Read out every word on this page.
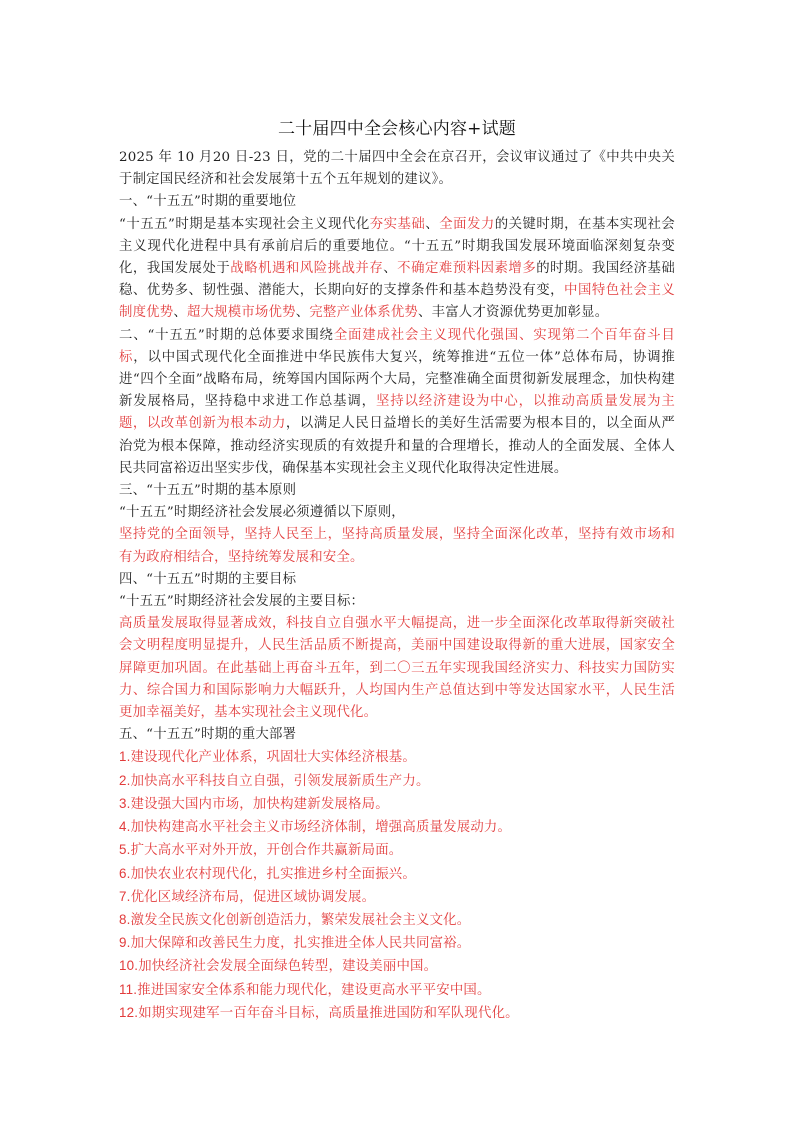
二十届四中全会核心内容+试题

2025 年 10 月20 日-23 日，党的二十届四中全会在京召开，会议审议通过了《中共中央关于制定国民经济和社会发展第十五个五年规划的建议》。

一、“十五五”时期的重要地位

“十五五”时期是基本实现社会主义现代化夯实基础、全面发力的关键时期，在基本实现社会主义现代化进程中具有承前启后的重要地位。“十五五”时期我国发展环境面临深刻复杂变化，我国发展处于战略机遇和风险挑战并存、不确定难预料因素增多的时期。我国经济基础稳、优势多、韧性强、潜能大，长期向好的支撑条件和基本趋势没有变，中国特色社会主义制度优势、超大规模市场优势、完整产业体系优势、丰富人才资源优势更加彰显。

二、“十五五”时期的总体要求围绕全面建成社会主义现代化强国、实现第二个百年奋斗目标，以中国式现代化全面推进中华民族伟大复兴，统筹推进“五位一体”总体布局，协调推进“四个全面”战略布局，统筹国内国际两个大局，完整准确全面贯彻新发展理念，加快构建新发展格局，坚持稳中求进工作总基调，坚持以经济建设为中心，以推动高质量发展为主题，以改革创新为根本动力，以满足人民日益增长的美好生活需要为根本目的，以全面从严治党为根本保障，推动经济实现质的有效提升和量的合理增长，推动人的全面发展、全体人民共同富裕迈出坚实步伐，确保基本实现社会主义现代化取得决定性进展。

三、“十五五”时期的基本原则

“十五五”时期经济社会发展必须遵循以下原则，

坚持党的全面领导，坚持人民至上，坚持高质量发展，坚持全面深化改革，坚持有效市场和有为政府相结合，坚持统筹发展和安全。

四、“十五五”时期的主要目标

“十五五”时期经济社会发展的主要目标：

高质量发展取得显著成效，科技自立自强水平大幅提高，进一步全面深化改革取得新突破社会文明程度明显提升，人民生活品质不断提高，美丽中国建设取得新的重大进展，国家安全屏障更加巩固。在此基础上再奋斗五年，到二〇三五年实现我国经济实力、科技实力国防实力、综合国力和国际影响力大幅跃升，人均国内生产总值达到中等发达国家水平，人民生活更加幸福美好，基本实现社会主义现代化。

五、“十五五”时期的重大部署

1.建设现代化产业体系，巩固壮大实体经济根基。
2.加快高水平科技自立自强，引领发展新质生产力。
3.建设强大国内市场，加快构建新发展格局。
4.加快构建高水平社会主义市场经济体制，增强高质量发展动力。
5.扩大高水平对外开放，开创合作共赢新局面。
6.加快农业农村现代化，扎实推进乡村全面振兴。
7.优化区域经济布局，促进区域协调发展。
8.激发全民族文化创新创造活力，繁荣发展社会主义文化。
9.加大保障和改善民生力度，扎实推进全体人民共同富裕。
10.加快经济社会发展全面绿色转型，建设美丽中国。
11.推进国家安全体系和能力现代化，建设更高水平平安中国。
12.如期实现建军一百年奋斗目标，高质量推进国防和军队现代化。
